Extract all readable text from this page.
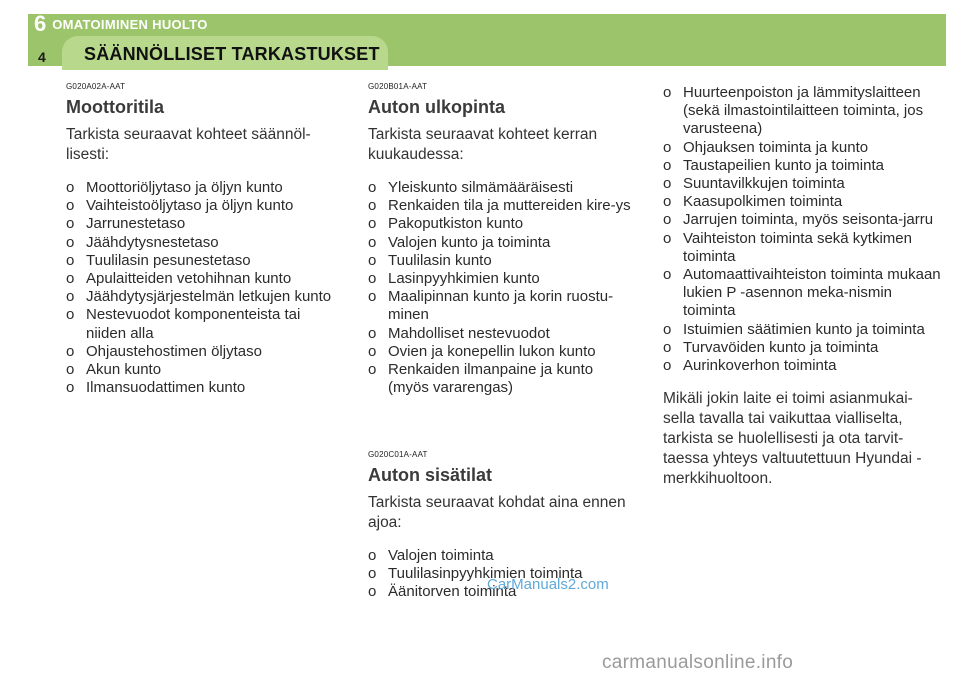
6 OMATOIMINEN HUOLTO
4 SÄÄNNÖLLISET TARKASTUKSET
G020A02A-AAT
Moottoritila
Tarkista seuraavat kohteet säännöl-lisesti:
o Moottoriöljytaso ja öljyn kunto
o Vaihteistoöljytaso ja öljyn kunto
o Jarrunestetaso
o Jäähdytysnestetaso
o Tuulilasin pesunestetaso
o Apulaitteiden vetohihnan kunto
o Jäähdytysjärjestelmän letkujen kunto
o Nestevuodot komponenteista tai niiden alla
o Ohjaustehostimen öljytaso
o Akun kunto
o Ilmansuodattimen kunto
G020B01A-AAT
Auton ulkopinta
Tarkista seuraavat kohteet kerran kuukaudessa:
o Yleiskunto silmämääräisesti
o Renkaiden tila ja muttereiden kire-ys
o Pakoputkiston kunto
o Valojen kunto ja toiminta
o Tuulilasin kunto
o Lasinpyyhkimien kunto
o Maalipinnan kunto ja korin ruostu-minen
o Mahdolliset nestevuodot
o Ovien ja konepellin lukon kunto
o Renkaiden ilmanpaine ja kunto (myös vararengas)
G020C01A-AAT
Auton sisätilat
Tarkista seuraavat kohdat aina ennen ajoa:
o Valojen toiminta
o Tuulilasinpyyhkimien toiminta
o Äänitorven toiminta
o Huurteenpoiston ja lämmityslaitteen (sekä ilmastointilaitteen toiminta, jos varusteena)
o Ohjauksen toiminta ja kunto
o Taustapeilien kunto ja toiminta
o Suuntavilkkujen toiminta
o Kaasupolkimen toiminta
o Jarrujen toiminta, myös seisonta-jarru
o Vaihteiston toiminta sekä kytkimen toiminta
o Automaattivaihteiston toiminta mukaan lukien P -asennon meka-nismin toiminta
o Istuimien säätimien kunto ja toiminta
o Turvavöiden kunto ja toiminta
o Aurinkoverhon toiminta
Mikäli jokin laite ei toimi asianmukai-sella tavalla tai vaikuttaa vialliselta, tarkista se huolellisesti ja ota tarvit-taessa yhteys valtuutettuun Hyundai -merkkihuoltoon.
CarManuals2.com
carmanualsonline.info
